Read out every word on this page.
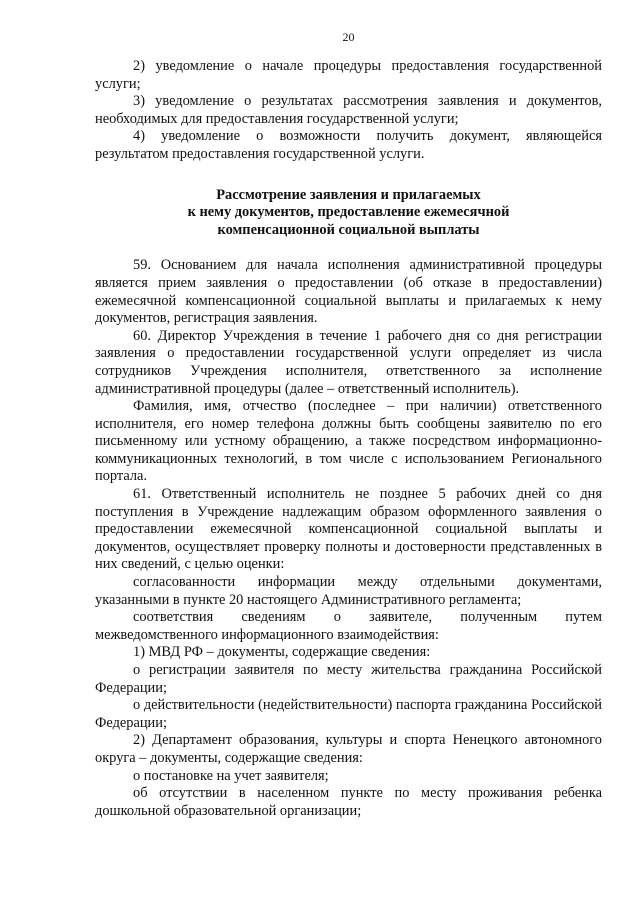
20

2) уведомление о начале процедуры предоставления государственной услуги;

3) уведомление о результатах рассмотрения заявления и документов, необходимых для предоставления государственной услуги;

4) уведомление о возможности получить документ, являющейся результатом предоставления государственной услуги.

Рассмотрение заявления и прилагаемых
к нему документов, предоставление ежемесячной
компенсационной социальной выплаты

59. Основанием для начала исполнения административной процедуры является прием заявления о предоставлении (об отказе в предоставлении) ежемесячной компенсационной социальной выплаты и прилагаемых к нему документов, регистрация заявления.

60. Директор Учреждения в течение 1 рабочего дня со дня регистрации заявления о предоставлении государственной услуги определяет из числа сотрудников Учреждения исполнителя, ответственного за исполнение административной процедуры (далее – ответственный исполнитель).

Фамилия, имя, отчество (последнее – при наличии) ответственного исполнителя, его номер телефона должны быть сообщены заявителю по его письменному или устному обращению, а также посредством информационно-коммуникационных технологий, в том числе с использованием Регионального портала.

61. Ответственный исполнитель не позднее 5 рабочих дней со дня поступления в Учреждение надлежащим образом оформленного заявления о предоставлении ежемесячной компенсационной социальной выплаты и документов, осуществляет проверку полноты и достоверности представленных в них сведений, с целью оценки:

согласованности информации между отдельными документами, указанными в пункте 20 настоящего Административного регламента;

соответствия сведениям о заявителе, полученным путем межведомственного информационного взаимодействия:

1) МВД РФ – документы, содержащие сведения:

о регистрации заявителя по месту жительства гражданина Российской Федерации;

о действительности (недействительности) паспорта гражданина Российской Федерации;

2) Департамент образования, культуры и спорта Ненецкого автономного округа – документы, содержащие сведения:

о постановке на учет заявителя;

об отсутствии в населенном пункте по месту проживания ребенка дошкольной образовательной организации;
